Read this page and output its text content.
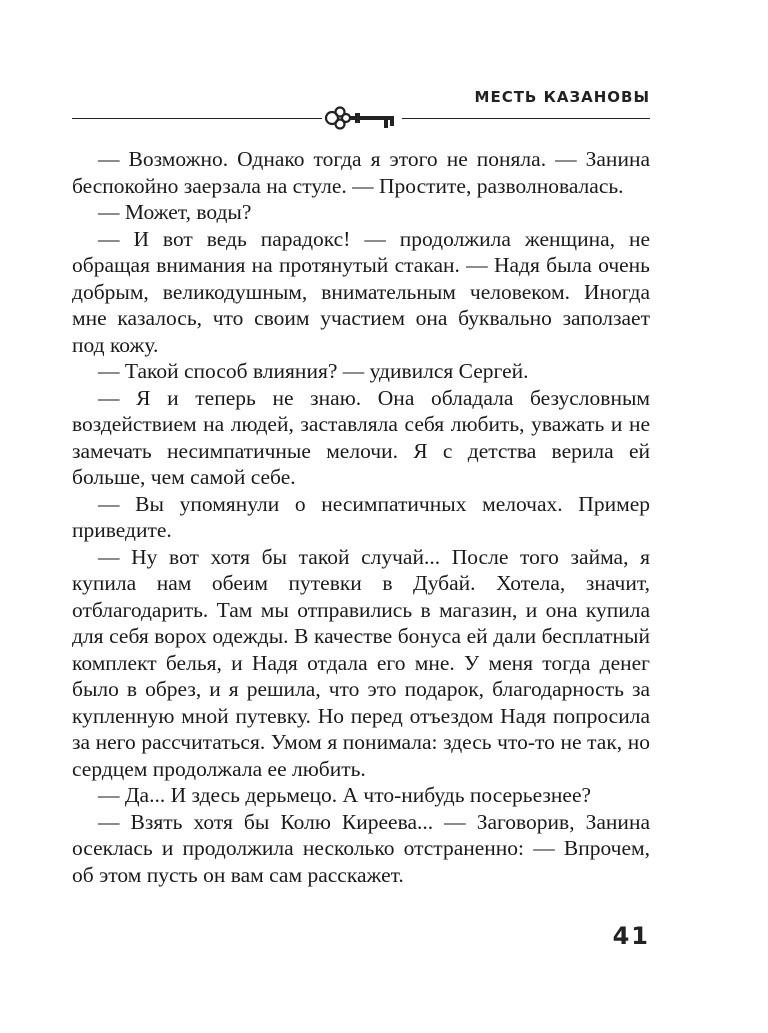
МЕСТЬ КАЗАНОВЫ

— Возможно. Однако тогда я этого не поняла. — Занина беспокойно заерзала на стуле. — Простите, разволновалась.

— Может, воды?

— И вот ведь парадокс! — продолжила женщина, не обращая внимания на протянутый стакан. — Надя была очень добрым, великодушным, внимательным человеком. Иногда мне казалось, что своим участием она буквально заползает под кожу.

— Такой способ влияния? — удивился Сергей.

— Я и теперь не знаю. Она обладала безусловным воздействием на людей, заставляла себя любить, уважать и не замечать несимпатичные мелочи. Я с детства верила ей больше, чем самой себе.

— Вы упомянули о несимпатичных мелочах. Пример приведите.

— Ну вот хотя бы такой случай... После того займа, я купила нам обеим путевки в Дубай. Хотела, значит, отблагодарить. Там мы отправились в магазин, и она купила для себя ворох одежды. В качестве бонуса ей дали бесплатный комплект белья, и Надя отдала его мне. У меня тогда денег было в обрез, и я решила, что это подарок, благодарность за купленную мной путевку. Но перед отъездом Надя попросила за него рассчитаться. Умом я понимала: здесь что-то не так, но сердцем продолжала ее любить.

— Да... И здесь дерьмецо. А что-нибудь посерьезнее?

— Взять хотя бы Колю Киреева... — Заговорив, Занина осеклась и продолжила несколько отстраненно: — Впрочем, об этом пусть он вам сам расскажет.

41
